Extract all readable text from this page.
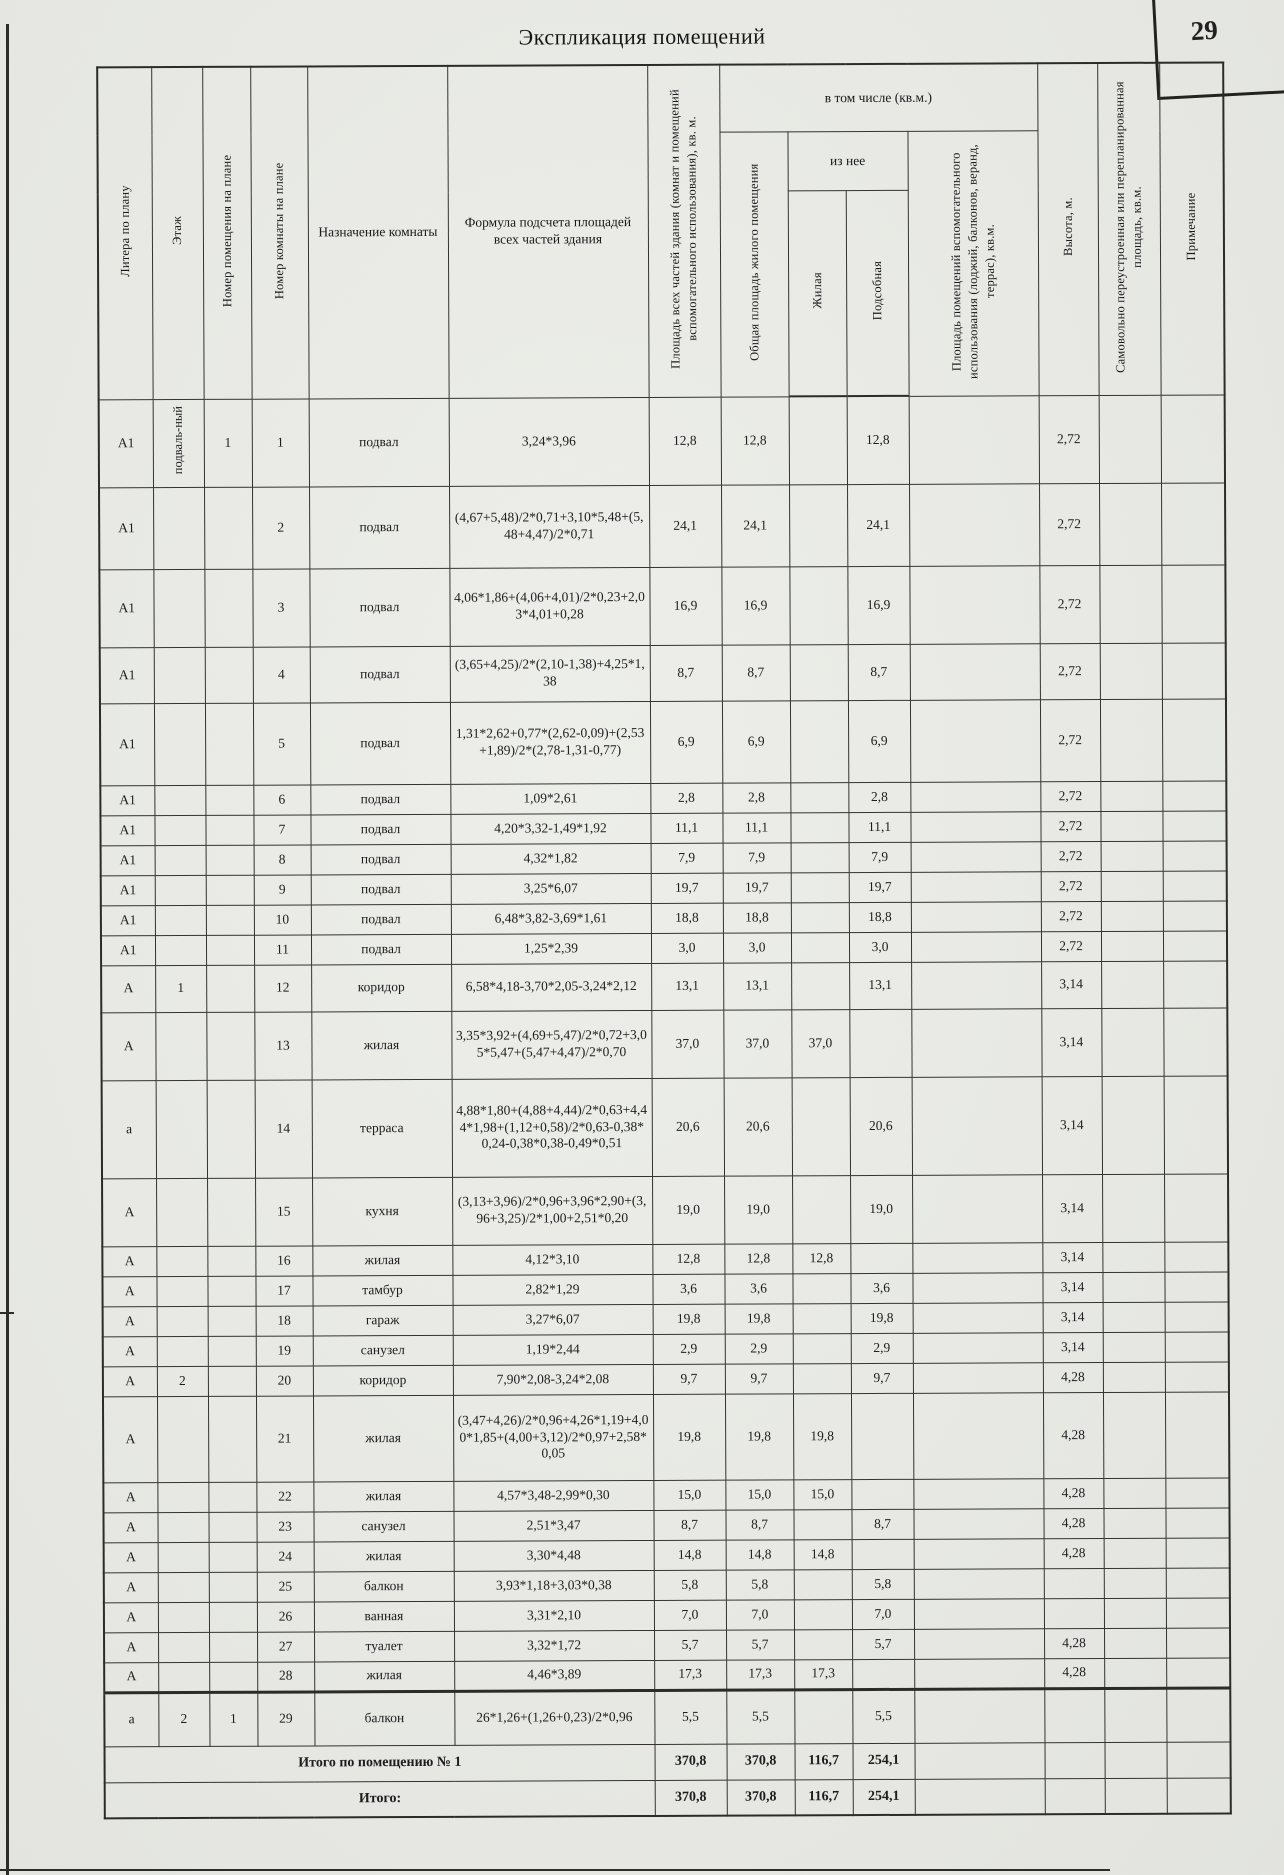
29
Экспликация помещений
Литера по плану	Этаж	Номер помещения на плане	Номер комнаты на плане	Назначение комнаты	Формула подсчета площадей всех частей здания	Площадь всех частей здания (комнат и помещений вспомогательного использования), кв. м.	в том числе (кв.м.)				Высота, м.	Самовольно переустроенная или перепланированная площадь, кв.м.	Примечание
							Общая площадь жилого помещения	из нее		Площадь помещений вспомогательного использования (лоджий, балконов, веранд, террас), кв.м.			
								Жилая	Подсобная				
А1	подваль-ный	1	1	подвал	3,24*3,96	12,8	12,8		12,8		2,72		
А1			2	подвал	(4,67+5,48)/2*0,71+3,10*5,48+(5,48+4,47)/2*0,71	24,1	24,1		24,1		2,72		
А1			3	подвал	4,06*1,86+(4,06+4,01)/2*0,23+2,03*4,01+0,28	16,9	16,9		16,9		2,72		
А1			4	подвал	(3,65+4,25)/2*(2,10-1,38)+4,25*1,38	8,7	8,7		8,7		2,72		
А1			5	подвал	1,31*2,62+0,77*(2,62-0,09)+(2,53+1,89)/2*(2,78-1,31-0,77)	6,9	6,9		6,9		2,72		
А1			6	подвал	1,09*2,61	2,8	2,8		2,8		2,72		
А1			7	подвал	4,20*3,32-1,49*1,92	11,1	11,1		11,1		2,72		
А1			8	подвал	4,32*1,82	7,9	7,9		7,9		2,72		
А1			9	подвал	3,25*6,07	19,7	19,7		19,7		2,72		
А1			10	подвал	6,48*3,82-3,69*1,61	18,8	18,8		18,8		2,72		
А1			11	подвал	1,25*2,39	3,0	3,0		3,0		2,72		
А	1		12	коридор	6,58*4,18-3,70*2,05-3,24*2,12	13,1	13,1		13,1		3,14		
А			13	жилая	3,35*3,92+(4,69+5,47)/2*0,72+3,05*5,47+(5,47+4,47)/2*0,70	37,0	37,0	37,0			3,14		
а			14	терраса	4,88*1,80+(4,88+4,44)/2*0,63+4,44*1,98+(1,12+0,58)/2*0,63-0,38*0,24-0,38*0,38-0,49*0,51	20,6	20,6		20,6		3,14		
А			15	кухня	(3,13+3,96)/2*0,96+3,96*2,90+(3,96+3,25)/2*1,00+2,51*0,20	19,0	19,0		19,0		3,14		
А			16	жилая	4,12*3,10	12,8	12,8	12,8			3,14		
А			17	тамбур	2,82*1,29	3,6	3,6		3,6		3,14		
А			18	гараж	3,27*6,07	19,8	19,8		19,8		3,14		
А			19	санузел	1,19*2,44	2,9	2,9		2,9		3,14		
А	2		20	коридор	7,90*2,08-3,24*2,08	9,7	9,7		9,7		4,28		
А			21	жилая	(3,47+4,26)/2*0,96+4,26*1,19+4,00*1,85+(4,00+3,12)/2*0,97+2,58*0,05	19,8	19,8	19,8			4,28		
А			22	жилая	4,57*3,48-2,99*0,30	15,0	15,0	15,0			4,28		
А			23	санузел	2,51*3,47	8,7	8,7		8,7		4,28		
А			24	жилая	3,30*4,48	14,8	14,8	14,8			4,28		
А			25	балкон	3,93*1,18+3,03*0,38	5,8	5,8		5,8				
А			26	ванная	3,31*2,10	7,0	7,0		7,0				
А			27	туалет	3,32*1,72	5,7	5,7		5,7		4,28		
А			28	жилая	4,46*3,89	17,3	17,3	17,3			4,28		
а	2	1	29	балкон	26*1,26+(1,26+0,23)/2*0,96	5,5	5,5		5,5				
Итого по помещению № 1						370,8	370,8	116,7	254,1				
Итого:						370,8	370,8	116,7	254,1				
